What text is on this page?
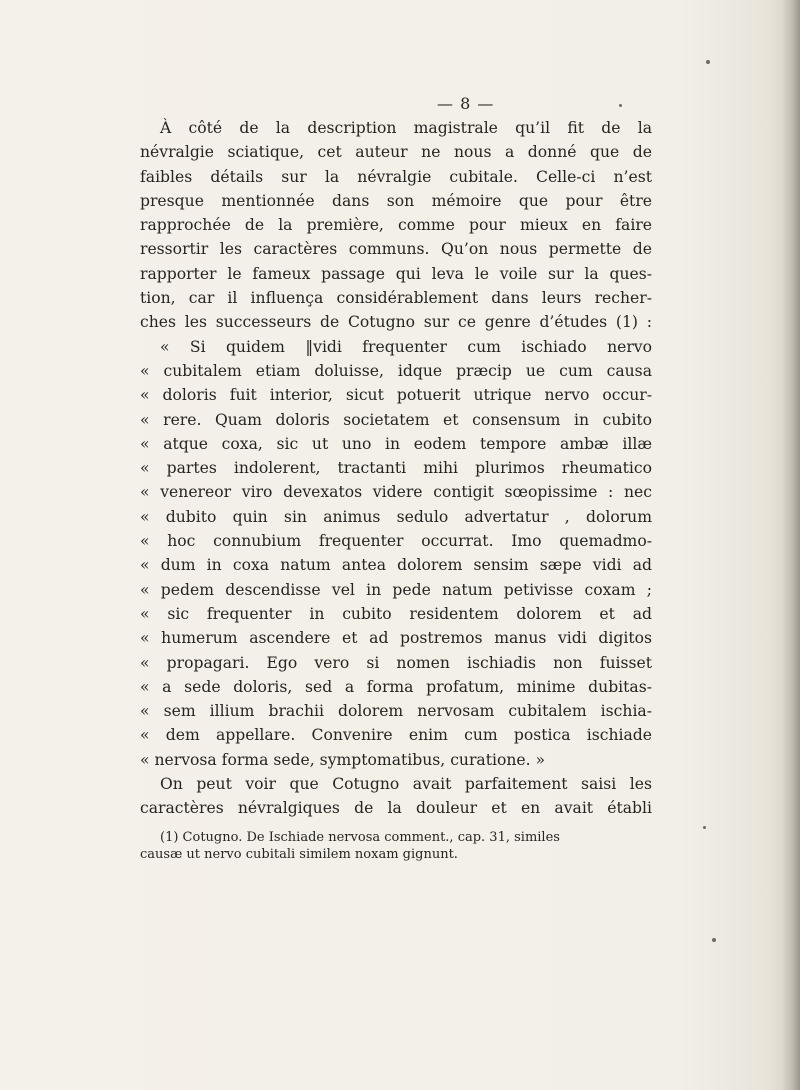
— 8 —
À côté de la description magistrale qu’il fit de la
névralgie sciatique, cet auteur ne nous a donné que de
faibles détails sur la névralgie cubitale. Celle-ci n’est
presque mentionnée dans son mémoire que pour être
rapprochée de la première, comme pour mieux en faire
ressortir les caractères communs. Qu’on nous permette de
rapporter le fameux passage qui leva le voile sur la ques-
tion, car il influença considérablement dans leurs recher-
ches les successeurs de Cotugno sur ce genre d’études (1) :
« Si quidem ‖vidi frequenter cum ischiado nervo
« cubitalem etiam doluisse, idque præcip ue cum causa
« doloris fuit interior, sicut potuerit utrique nervo occur-
« rere. Quam doloris societatem et consensum in cubito
« atque coxa, sic ut uno in eodem tempore ambæ illæ
« partes indolerent, tractanti mihi plurimos rheumatico
« venereor viro devexatos videre contigit sœopissime : nec
« dubito quin sin animus sedulo advertatur , dolorum
« hoc connubium frequenter occurrat. Imo quemadmo-
« dum in coxa natum antea dolorem sensim sæpe vidi ad
« pedem descendisse vel in pede natum petivisse coxam ;
« sic frequenter in cubito residentem dolorem et ad
« humerum ascendere et ad postremos manus vidi digitos
« propagari. Ego vero si nomen ischiadis non fuisset
« a sede doloris, sed a forma profatum, minime dubitas-
« sem illium brachii dolorem nervosam cubitalem ischia-
« dem appellare. Convenire enim cum postica ischiade
« nervosa forma sede, symptomatibus, curatione. »
On peut voir que Cotugno avait parfaitement saisi les
caractères névralgiques de la douleur et en avait établi
(1) Cotugno. De Ischiade nervosa comment., cap. 31, similes
causæ ut nervo cubitali similem noxam gignunt.
